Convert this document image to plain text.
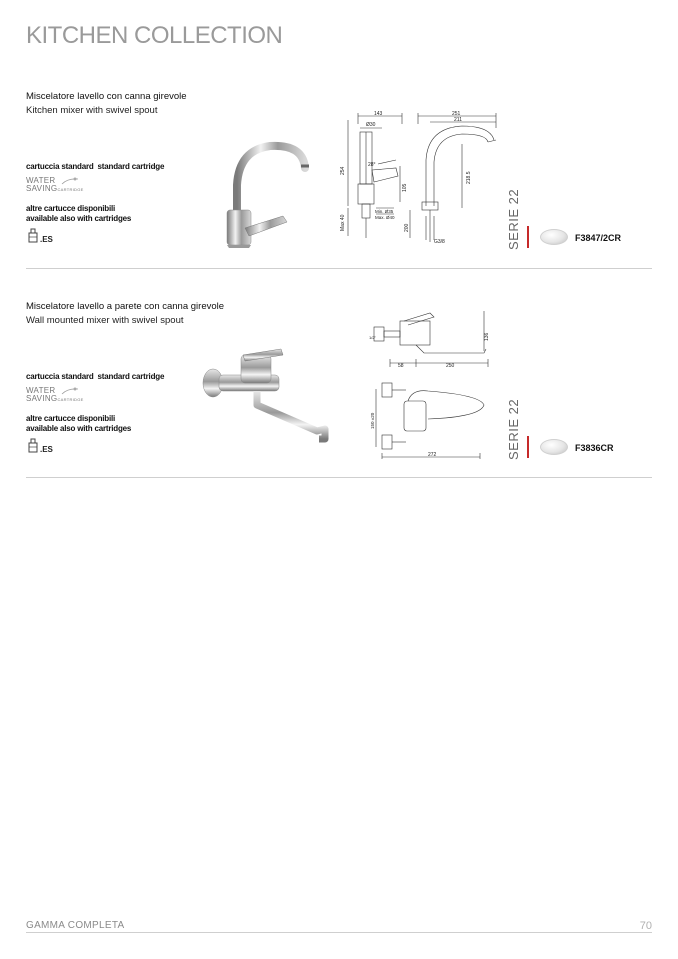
KITCHEN COLLECTION
Miscelatore lavello con canna girevole
Kitchen mixer with swivel spout
cartuccia standard standard cartridge
WATER
SAVINGCARTRIDGE
altre cartucce disponibili
available also with cartridges
.ES
143
Ø30
254
28°
105
Max 40
Min. Ø35
Max. Ø40
251
211
218.5
200
G3/8	SERIE 22	F3847/2CR
Miscelatore lavello a parete con canna girevole
Wall mounted mixer with swivel spout
cartuccia standard standard cartridge
WATER
SAVINGCARTRIDGE
altre cartucce disponibili
available also with cartridges
.ES
136
58	250
1/2"
150 ±20
272	SERIE 22	F3836CR
GAMMA COMPLETA	70
